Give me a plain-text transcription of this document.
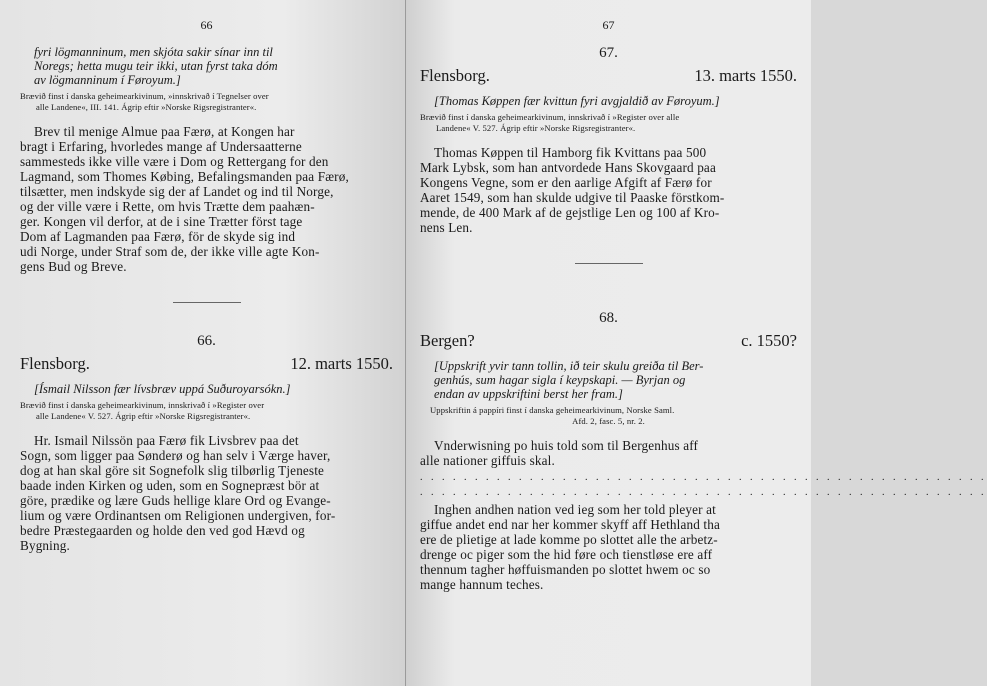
66
fyri lögmanninum, men skjóta sakir sínar inn til
Noregs; hetta mugu teir ikki, utan fyrst taka dóm
av lögmanninum í Føroyum.]
Brævið finst í danska geheimearkivinum, »innskrivað í Tegnelser over
alle Landene«, III. 141. Ágrip eftir »Norske Rigsregistranter«.
Brev til menige Almue paa Færø, at Kongen har
bragt i Erfaring, hvorledes mange af Undersaatterne
sammesteds ikke ville være i Dom og Rettergang for den
Lagmand, som Thomes Købing, Befalingsmanden paa Færø,
tilsætter, men indskyde sig der af Landet og ind til Norge,
og der ville være i Rette, om hvis Trætte dem paahæn-
ger. Kongen vil derfor, at de i sine Trætter först tage
Dom af Lagmanden paa Færø, för de skyde sig ind
udi Norge, under Straf som de, der ikke ville agte Kon-
gens Bud og Breve.
66.
Flensborg.	12. marts 1550.
[Ísmail Nilsson fær lívsbræv uppá Suðuroyarsókn.]
Brævið finst í danska geheimearkivinum, innskrivað í »Register over
alle Landene« V. 527. Ágrip eftir »Norske Rigsregistranter«.
Hr. Ismail Nilssön paa Færø fik Livsbrev paa det
Sogn, som ligger paa Sønderø og han selv i Værge haver,
dog at han skal göre sit Sognefolk slig tilbørlig Tjeneste
baade inden Kirken og uden, som en Sognepræst bör at
göre, prædike og lære Guds hellige klare Ord og Evange-
lium og være Ordinantsen om Religionen undergiven, for-
bedre Præstegaarden og holde den ved god Hævd og
Bygning.
67
67.
Flensborg.	13. marts 1550.
[Thomas Køppen fær kvittun fyri avgjaldið av Føroyum.]
Brævið finst í danska geheimearkivinum, innskrivað í »Register over alle
Landene« V. 527. Ágrip eftir »Norske Rigsregistranter«.
Thomas Køppen til Hamborg fik Kvittans paa 500
Mark Lybsk, som han antvordede Hans Skovgaard paa
Kongens Vegne, som er den aarlige Afgift af Færø for
Aaret 1549, som han skulde udgive til Paaske förstkom-
mende, de 400 Mark af de gejstlige Len og 100 af Kro-
nens Len.
68.
Bergen?	c. 1550?
[Uppskrift yvir tann tollin, ið teir skulu greiða til Ber-
genhús, sum hagar sigla í keypskapi. — Byrjan og
endan av uppskriftini berst her fram.]
Uppskriftin á pappíri finst í danska geheimearkivinum, Norske Saml.
Afd. 2, fasc. 5, nr. 2.
Vnderwisning po huis told som til Bergenhus aff
alle nationer giffuis skal.
. . . . . . . . . . . . . . . . . . . . . . . . . . . . . . . . . . . . . . . . . . . . . . . . . . . .
. . . . . . . . . . . . . . . . . . . . . . . . . . . . . . . . . . . . . . . . . . . . . . . . . . . .
Inghen andhen nation ved ieg som her told pleyer at
giffue andet end nar her kommer skyff aff Hethland tha
ere de plietige at lade komme po slottet alle the arbetz-
drenge oc piger som the hid føre och tienstløse ere aff
thennum tagher høffuismanden po slottet hwem oc so
mange hannum teches.
